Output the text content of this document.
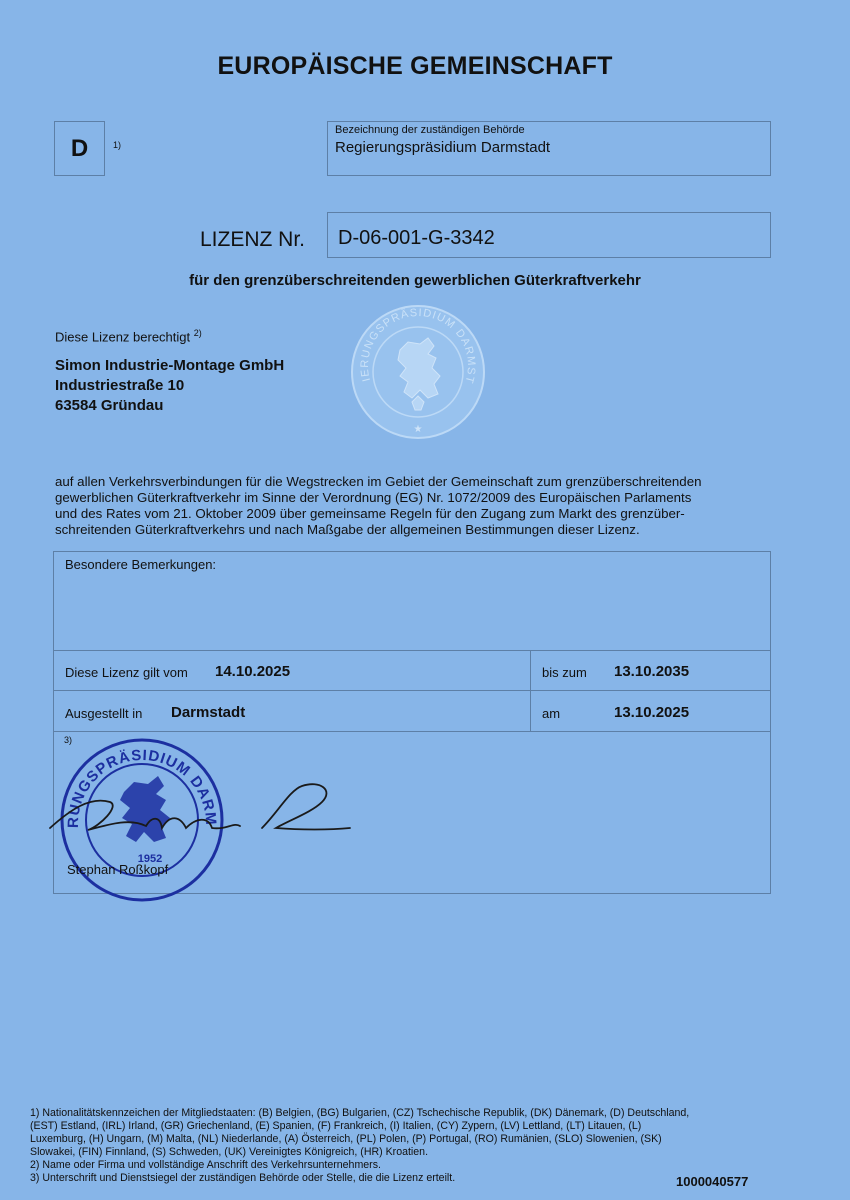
EUROPÄISCHE GEMEINSCHAFT
D	1)
Bezeichnung der zuständigen Behörde
Regierungspräsidium Darmstadt
LIZENZ Nr. D-06-001-G-3342
für den grenzüberschreitenden gewerblichen Güterkraftverkehr
Diese Lizenz berechtigt $^{2)}$
Simon Industrie-Montage GmbH
Industriestraße 10
63584 Gründau
REGIERUNGSPRÄSIDIUM DARMSTADT
★
auf allen Verkehrsverbindungen für die Wegstrecken im Gebiet der Gemeinschaft zum grenzüberschreitenden
gewerblichen Güterkraftverkehr im Sinne der Verordnung (EG) Nr. 1072/2009 des Europäischen Parlaments
und des Rates vom 21. Oktober 2009 über gemeinsame Regeln für den Zugang zum Markt des grenzüber-
schreitenden Güterkraftverkehrs und nach Maßgabe der allgemeinen Bestimmungen dieser Lizenz.
Besondere Bemerkungen:
Diese Lizenz gilt vom 14.10.2025	bis zum 13.10.2035
Ausgestellt in Darmstadt	am	13.10.2025
3)
REGIERUNGSPRÄSIDIUM DARMSTADT
1952
Stephan Roßkopf
1) Nationalitätskennzeichen der Mitgliedstaaten: (B) Belgien, (BG) Bulgarien, (CZ) Tschechische Republik, (DK) Dänemark, (D) Deutschland,
(EST) Estland, (IRL) Irland, (GR) Griechenland, (E) Spanien, (F) Frankreich, (I) Italien, (CY) Zypern, (LV) Lettland, (LT) Litauen, (L)
Luxemburg, (H) Ungarn, (M) Malta, (NL) Niederlande, (A) Österreich, (PL) Polen, (P) Portugal, (RO) Rumänien, (SLO) Slowenien, (SK)
Slowakei, (FIN) Finnland, (S) Schweden, (UK) Vereinigtes Königreich, (HR) Kroatien.
2) Name oder Firma und vollständige Anschrift des Verkehrsunternehmers.
3) Unterschrift und Dienstsiegel der zuständigen Behörde oder Stelle, die die Lizenz erteilt.	1000040577
